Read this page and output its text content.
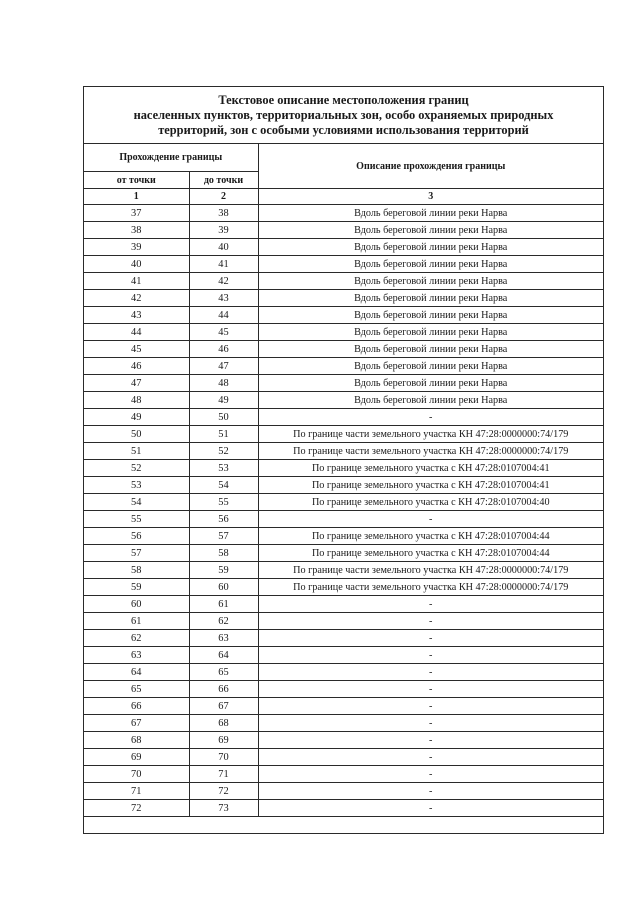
Текстовое описание местоположения границ
населенных пунктов, территориальных зон, особо охраняемых природных
территорий, зон с особыми условиями использования территорий
Прохождение границы		Описание прохождения границы
от точки	до точки	
1	2	3
37	38	Вдоль береговой линии реки Нарва
38	39	Вдоль береговой линии реки Нарва
39	40	Вдоль береговой линии реки Нарва
40	41	Вдоль береговой линии реки Нарва
41	42	Вдоль береговой линии реки Нарва
42	43	Вдоль береговой линии реки Нарва
43	44	Вдоль береговой линии реки Нарва
44	45	Вдоль береговой линии реки Нарва
45	46	Вдоль береговой линии реки Нарва
46	47	Вдоль береговой линии реки Нарва
47	48	Вдоль береговой линии реки Нарва
48	49	Вдоль береговой линии реки Нарва
49	50	-
50	51	По границе части земельного участка КН 47:28:0000000:74/179
51	52	По границе части земельного участка КН 47:28:0000000:74/179
52	53	По границе земельного участка с КН 47:28:0107004:41
53	54	По границе земельного участка с КН 47:28:0107004:41
54	55	По границе земельного участка с КН 47:28:0107004:40
55	56	-
56	57	По границе земельного участка с КН 47:28:0107004:44
57	58	По границе земельного участка с КН 47:28:0107004:44
58	59	По границе части земельного участка КН 47:28:0000000:74/179
59	60	По границе части земельного участка КН 47:28:0000000:74/179
60	61	-
61	62	-
62	63	-
63	64	-
64	65	-
65	66	-
66	67	-
67	68	-
68	69	-
69	70	-
70	71	-
71	72	-
72	73	-
